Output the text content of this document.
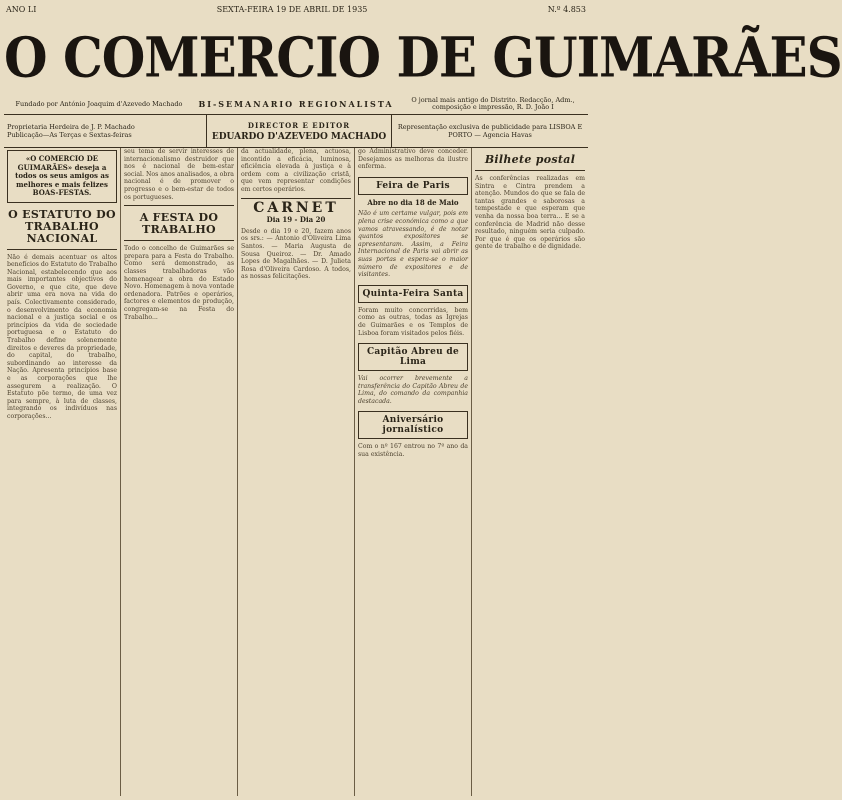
ANO LI	SEXTA-FEIRA 19 DE ABRIL DE 1935	N.º 4.853
O COMERCIO DE GUIMARÃES
Fundado por António Joaquim d'Azevedo Machado	BI-SEMANARIO REGIONALISTA	O jornal mais antigo do Distrito. Redacção, Adm., composição e impressão, R. D. João I
Proprietaria Herdeira de J. P. Machado
Publicação—As Terças e Sextas-feiras
DIRECTOR E EDITOR
EDUARDO D'AZEVEDO MACHADO
Representação exclusiva de publicidade para LISBOA E PORTO — Agencia Havas
«O COMERCIO DE GUIMARÃES» deseja a todos os seus amigos as melhores e mais felizes BOAS-FESTAS.
O ESTATUTO DO TRABALHO NACIONAL
Não é demais acentuar os altos benefícios do Estatuto do Trabalho Nacional, estabelecendo que aos mais importantes objectivos do Governo, e que cite, que deve abrir uma era nova na vida do país. Colectivamente considerado, o desenvolvimento da economia nacional e a justiça social e os princípios da vida de sociedade portuguesa e o Estatuto do Trabalho define solenemente direitos e deveres da propriedade, do capital, do trabalho, subordinando ao interesse da Nação. Apresenta princípios base e as corporações que lhe assegurem a realização. O Estatuto põe termo, de uma vez para sempre, à luta de classes, integrando os indivíduos nas corporações...
seu tema de servir interesses de internacionalismo destruidor que nos é nacional de bem-estar social. Nos anos analisados, a obra nacional é de promover o progresso e o bem-estar de todos os portugueses.
A FESTA DO TRABALHO
Todo o concelho de Guimarães se prepara para a Festa do Trabalho. Como será demonstrado, as classes trabalhadoras vão homenagear a obra do Estado Novo. Homenagem à nova vontade ordenadora. Patrões e operários, factores e elementos de produção, congregam-se na Festa do Trabalho...
da actualidade, plena, actuosa, incontido a eficácia, luminosa, eficiência elevada à justiça e à ordem com a civilização cristã, que vem representar condições em certos operários.
CARNET
Dia 19 - Dia 20
Desde o dia 19 e 20, fazem anos os srs.: — Antonio d'Oliveira Lima Santos. — Maria Augusta de Sousa Queiroz. — Dr. Amado Lopes de Magalhães. — D. Julieta Rosa d'Oliveira Cardoso. A todos, as nossas felicitações.
go Administrativo deve conceder. Desejamos as melhoras da ilustre enferma.
Feira de Paris
Abre no dia 18 de Maio
Não é um certame vulgar, pois em plena crise económica como a que vamos atravessando, é de notar quantos expositores se apresentaram. Assim, a Feira Internacional de Paris vai abrir as suas portas e espera-se o maior número de expositores e de visitantes.
Quinta-Feira Santa
Foram muito concorridas, bem como as outras, todas as Igrejas de Guimarães e os Templos de Lisboa foram visitados pelos fiéis.
Capitão Abreu de Lima
Vai ocorrer brevemente a transferência do Capitão Abreu de Lima, do comando da companhia destacada.
Aniversário jornalístico
Com o nº 167 entrou no 7º ano da sua existência.
Bilhete postal
As conferências realizadas em Sintra e Cintra prendem a atenção. Mundos do que se fala de tantas grandes e saborosas a tempestade e que esperam que venha da nossa boa terra... E se a conferência de Madrid não desse resultado, ninguém seria culpado. Por que é que os operários são gente de trabalho e de dignidade.
